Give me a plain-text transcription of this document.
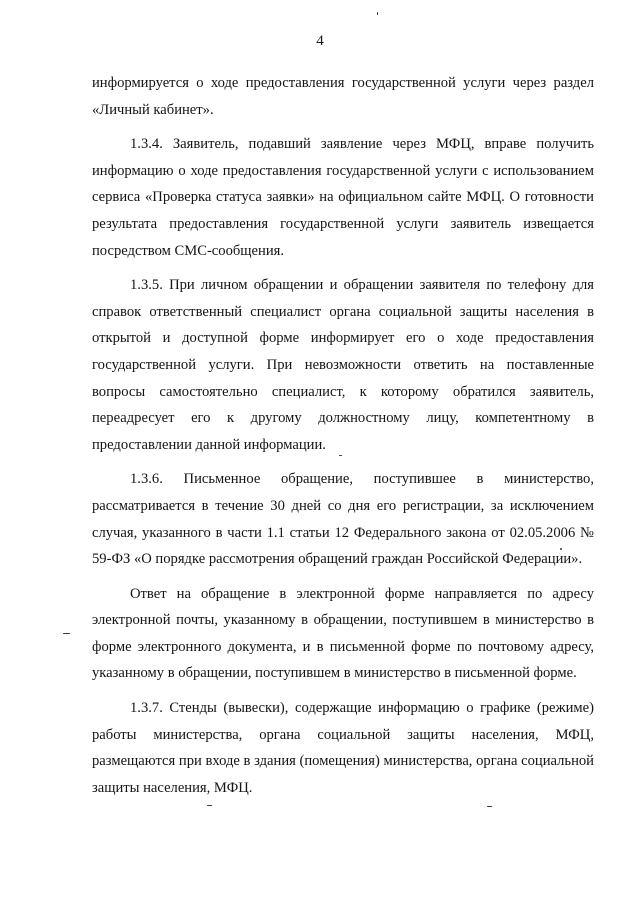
4

информируется о ходе предоставления государственной услуги через раздел «Личный кабинет».

1.3.4. Заявитель, подавший заявление через МФЦ, вправе получить информацию о ходе предоставления государственной услуги с использованием сервиса «Проверка статуса заявки» на официальном сайте МФЦ. О готовности результата предоставления государственной услуги заявитель извещается посредством СМС-сообщения.

1.3.5. При личном обращении и обращении заявителя по телефону для справок ответственный специалист органа социальной защиты населения в открытой и доступной форме информирует его о ходе предоставления государственной услуги. При невозможности ответить на поставленные вопросы самостоятельно специалист, к которому обратился заявитель, переадресует его к другому должностному лицу, компетентному в предоставлении данной информации.

1.3.6. Письменное обращение, поступившее в министерство, рассматривается в течение 30 дней со дня его регистрации, за исключением случая, указанного в части 1.1 статьи 12 Федерального закона от 02.05.2006 № 59-ФЗ «О порядке рассмотрения обращений граждан Российской Федерации».

Ответ на обращение в электронной форме направляется по адресу электронной почты, указанному в обращении, поступившем в министерство в форме электронного документа, и в письменной форме по почтовому адресу, указанному в обращении, поступившем в министерство в письменной форме.

1.3.7. Стенды (вывески), содержащие информацию о графике (режиме) работы министерства, органа социальной защиты населения, МФЦ, размещаются при входе в здания (помещения) министерства, органа социальной защиты населения, МФЦ.
